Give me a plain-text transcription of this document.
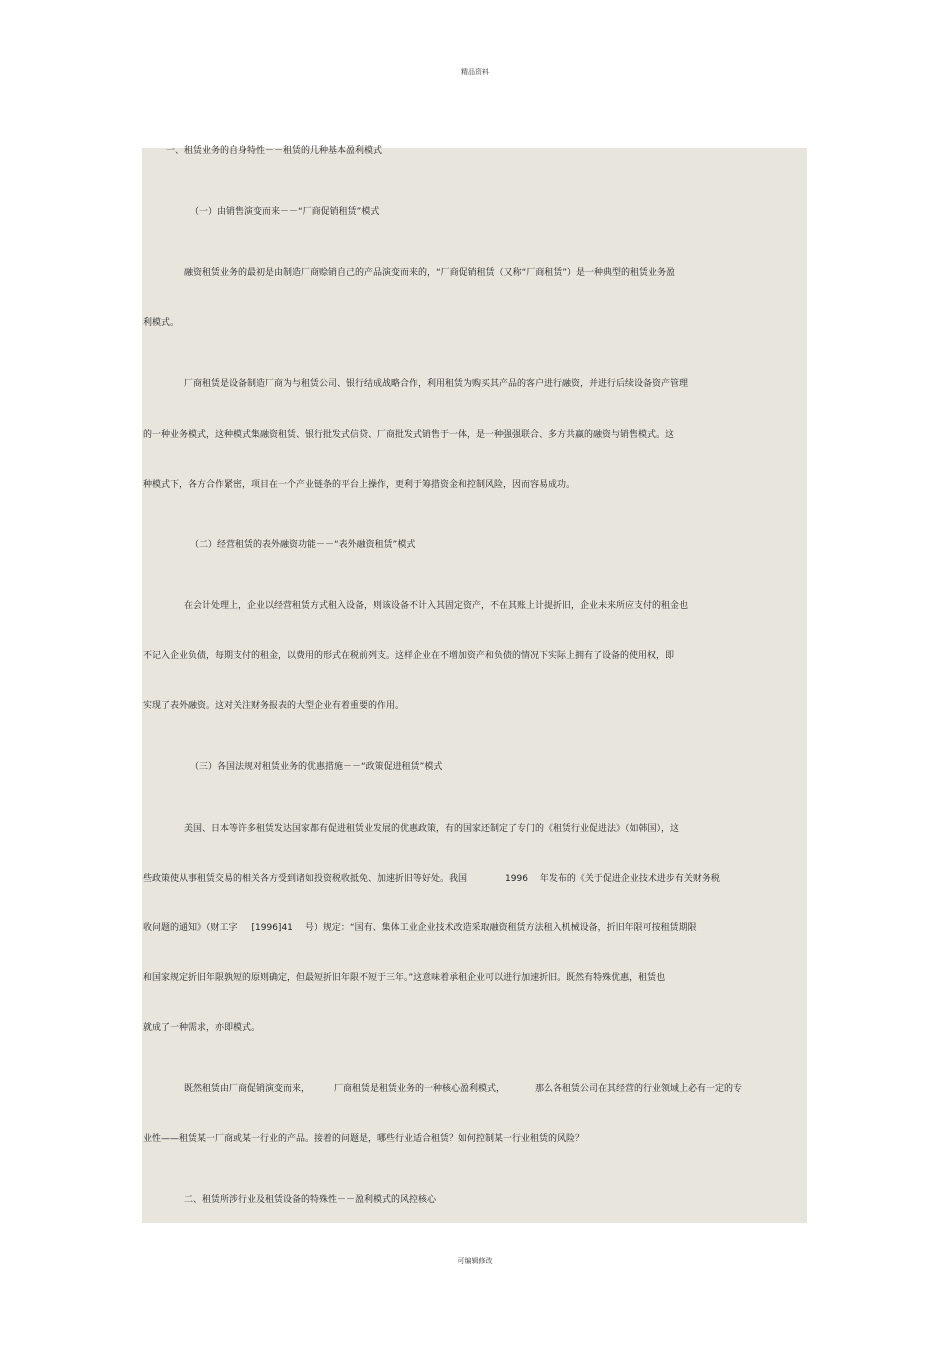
精品资料
一、租赁业务的自身特性－－租赁的几种基本盈利模式
（一）由销售演变而来－－“厂商促销租赁”模式
融资租赁业务的最初是由制造厂商赊销自己的产品演变而来的，“厂商促销租赁（又称“厂商租赁”）是一种典型的租赁业务盈
利模式。
厂商租赁是设备制造厂商为与租赁公司、银行结成战略合作，利用租赁为购买其产品的客户进行融资，并进行后续设备资产管理
的一种业务模式，这种模式集融资租赁、银行批发式信贷、厂商批发式销售于一体，是一种强强联合、多方共赢的融资与销售模式。这
种模式下，各方合作紧密，项目在一个产业链条的平台上操作，更利于筹措资金和控制风险，因而容易成功。
（二）经营租赁的表外融资功能－－“表外融资租赁”模式
在会计处理上，企业以经营租赁方式租入设备，则该设备不计入其固定资产，不在其账上计提折旧，企业未来所应支付的租金也
不记入企业负债，每期支付的租金，以费用的形式在税前列支。这样企业在不增加资产和负债的情况下实际上拥有了设备的使用权，即
实现了表外融资。这对关注财务报表的大型企业有着重要的作用。
（三）各国法规对租赁业务的优惠措施－－“政策促进租赁”模式
美国、日本等许多租赁发达国家都有促进租赁业发展的优惠政策，有的国家还制定了专门的《租赁行业促进法》（如韩国），这
些政策使从事租赁交易的相关各方受到诸如投资税收抵免、加速折旧等好处。我国	1996 年发布的《关于促进企业技术进步有关财务税
收问题的通知》（财工字 [1996]41 号）规定：“国有、集体工业企业技术改造采取融资租赁方法租入机械设备，折旧年限可按租赁期限
和国家规定折旧年限孰短的原则确定，但最短折旧年限不短于三年。”这意味着承租企业可以进行加速折旧。既然有特殊优惠，租赁也
就成了一种需求，亦即模式。
既然租赁由厂商促销演变而来，	厂商租赁是租赁业务的一种核心盈利模式，	那么各租赁公司在其经营的行业领域上必有一定的专
业性——租赁某一厂商或某一行业的产品。接着的问题是，哪些行业适合租赁？如何控制某一行业租赁的风险？
二、租赁所涉行业及租赁设备的特殊性－－盈利模式的风控核心
可编辑修改
